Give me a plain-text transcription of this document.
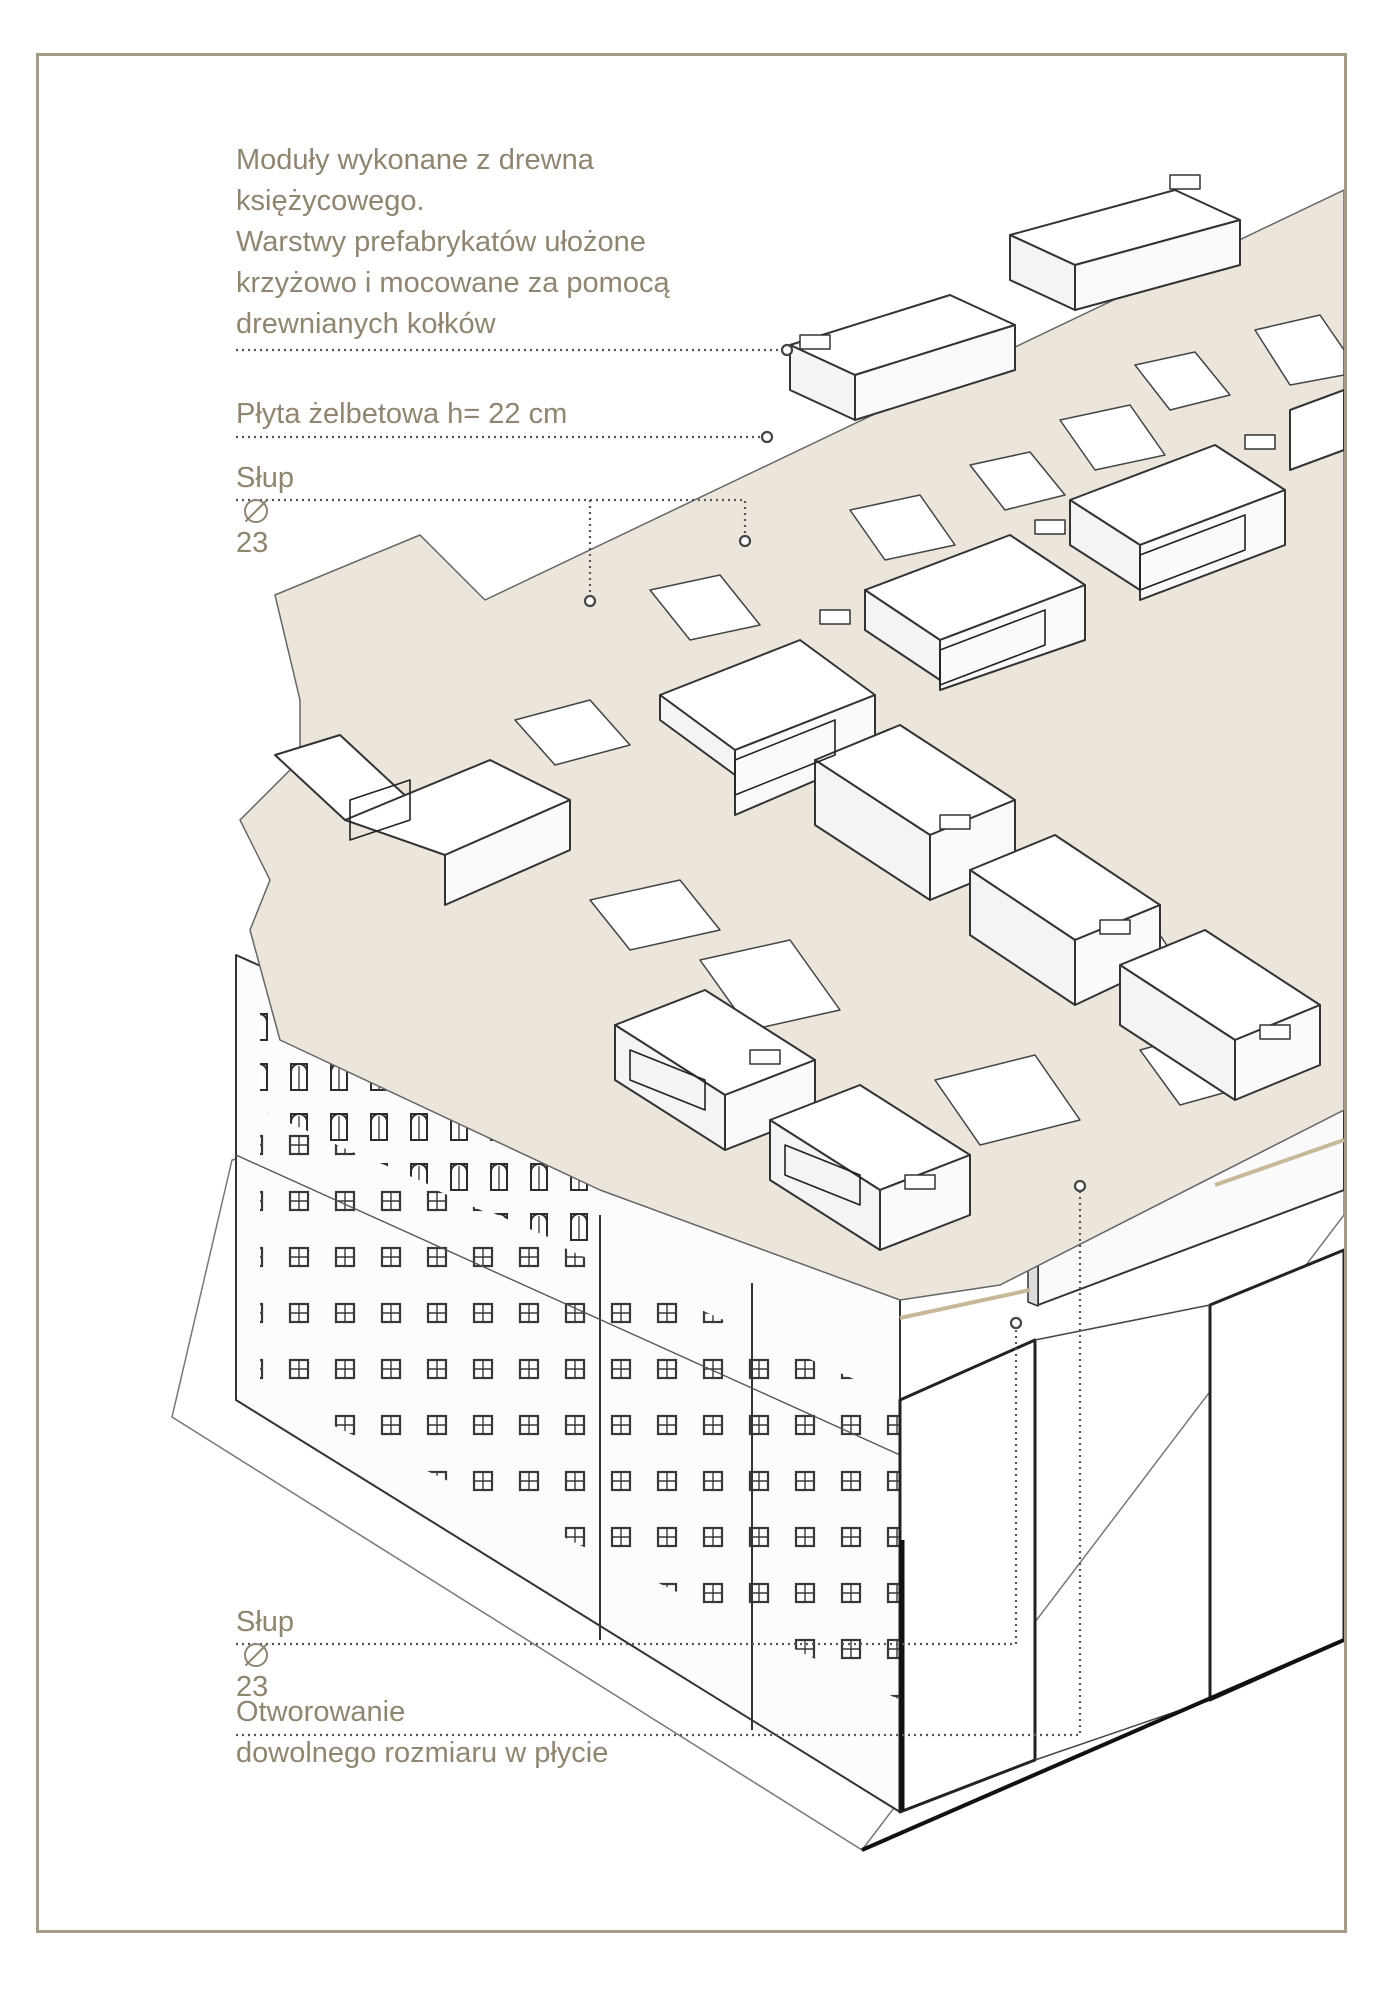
Moduły wykonane z drewna
księżycowego.
Warstwy prefabrykatów ułożone
krzyżowo i mocowane za pomocą
drewnianych kołków
Płyta żelbetowa h= 22 cm
Słup
23
Słup
23
Otworowanie
dowolnego rozmiaru w płycie
